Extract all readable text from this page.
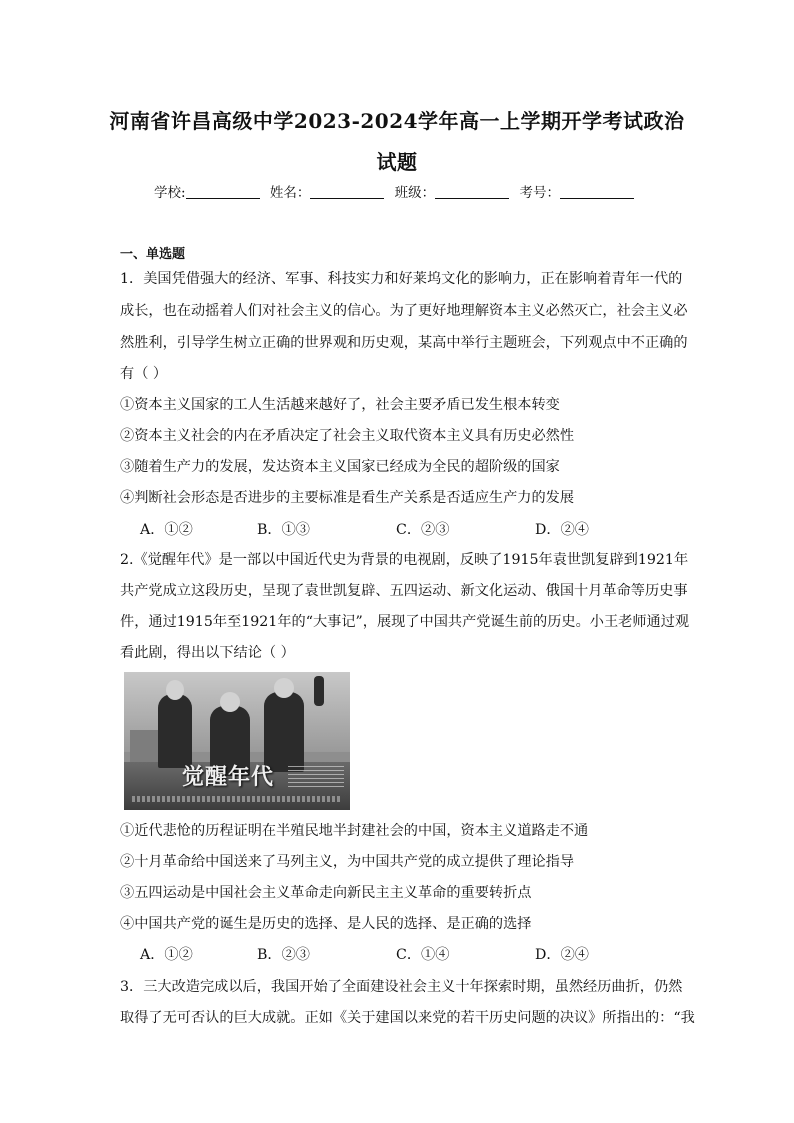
河南省许昌高级中学2023-2024学年高一上学期开学考试政治
试题
学校:	姓名：	班级：	考号：
一、单选题
1．美国凭借强大的经济、军事、科技实力和好莱坞文化的影响力，正在影响着青年一代的
成长，也在动摇着人们对社会主义的信心。为了更好地理解资本主义必然灭亡，社会主义必
然胜利，引导学生树立正确的世界观和历史观，某高中举行主题班会，下列观点中不正确的
有（ ）
①资本主义国家的工人生活越来越好了，社会主要矛盾已发生根本转变
②资本主义社会的内在矛盾决定了社会主义取代资本主义具有历史必然性
③随着生产力的发展，发达资本主义国家已经成为全民的超阶级的国家
④判断社会形态是否进步的主要标准是看生产关系是否适应生产力的发展
A．①②	B．①③	C．②③	D．②④
2.《觉醒年代》是一部以中国近代史为背景的电视剧，反映了1915年袁世凯复辟到1921年
共产党成立这段历史，呈现了袁世凯复辟、五四运动、新文化运动、俄国十月革命等历史事
件，通过1915年至1921年的“大事记”，展现了中国共产党诞生前的历史。小王老师通过观
看此剧，得出以下结论（ ）
觉醒年代
①近代悲怆的历程证明在半殖民地半封建社会的中国，资本主义道路走不通
②十月革命给中国送来了马列主义，为中国共产党的成立提供了理论指导
③五四运动是中国社会主义革命走向新民主主义革命的重要转折点
④中国共产党的诞生是历史的选择、是人民的选择、是正确的选择
A．①②	B．②③	C．①④	D．②④
3．三大改造完成以后，我国开始了全面建设社会主义十年探索时期，虽然经历曲折，仍然
取得了无可否认的巨大成就。正如《关于建国以来党的若干历史问题的决议》所指出的：“我
